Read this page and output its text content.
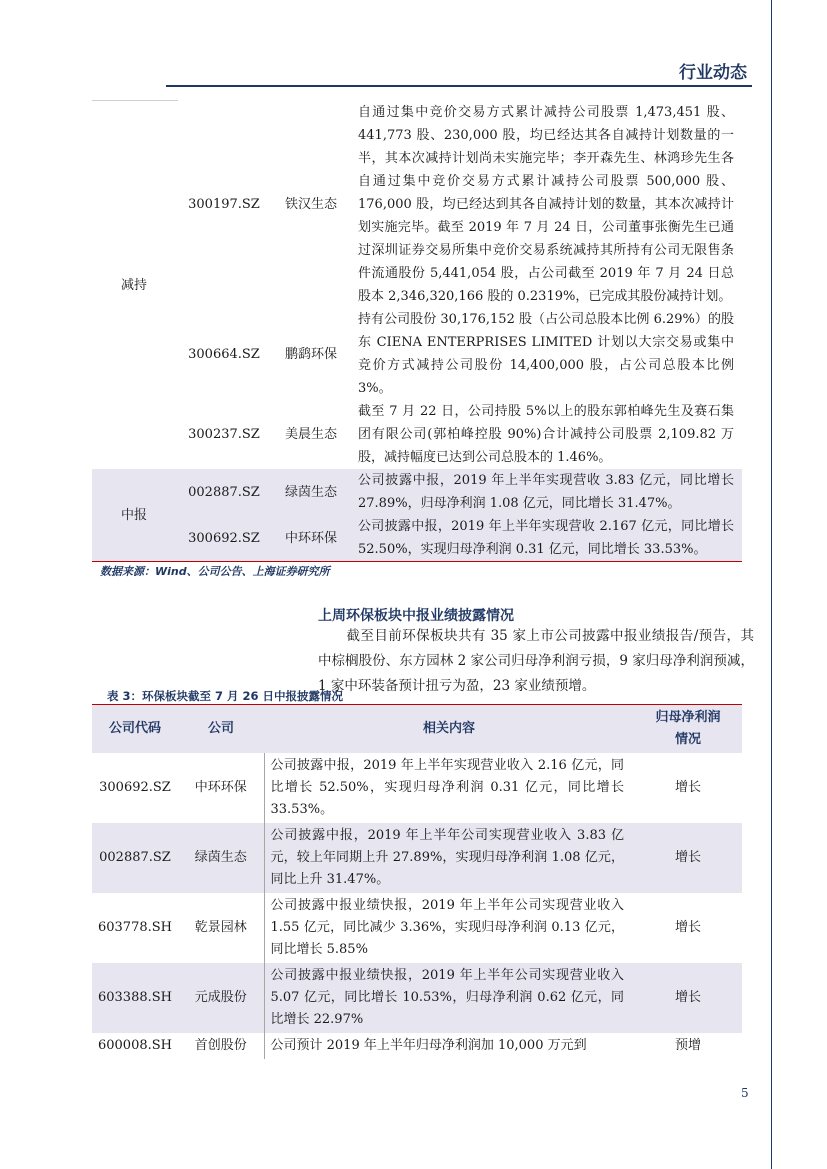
行业动态
减持	300197.SZ	铁汉生态	自通过集中竞价交易方式累计减持公司股票 1,473,451 股、441,773 股、230,000 股，均已经达其各自减持计划数量的一半，其本次减持计划尚未实施完毕；李开森先生、林鸿珍先生各自通过集中竞价交易方式累计减持公司股票 500,000 股、176,000 股，均已经达到其各自减持计划的数量，其本次减持计划实施完毕。截至 2019 年 7 月 24 日，公司董事张衡先生已通过深圳证券交易所集中竞价交易系统减持其所持有公司无限售条件流通股份 5,441,054 股，占公司截至 2019 年 7 月 24 日总股本 2,346,320,166 股的 0.2319%，已完成其股份减持计划。
	300664.SZ	鹏鹞环保	持有公司股份 30,176,152 股（占公司总股本比例 6.29%）的股东 CIENA ENTERPRISES LIMITED 计划以大宗交易或集中竞价方式减持公司股份 14,400,000 股，占公司总股本比例 3%。
	300237.SZ	美晨生态	截至 7 月 22 日，公司持股 5%以上的股东郭柏峰先生及赛石集团有限公司(郭柏峰控股 90%)合计减持公司股票 2,109.82 万股，减持幅度已达到公司总股本的 1.46%。
中报	002887.SZ	绿茵生态	公司披露中报，2019 年上半年实现营收 3.83 亿元，同比增长 27.89%，归母净利润 1.08 亿元，同比增长 31.47%。
	300692.SZ	中环环保	公司披露中报，2019 年上半年实现营收 2.167 亿元，同比增长 52.50%，实现归母净利润 0.31 亿元，同比增长 33.53%。
数据来源：Wind、公司公告、上海证券研究所
上周环保板块中报业绩披露情况
截至目前环保板块共有 35 家上市公司披露中报业绩报告/预告，其中棕榈股份、东方园林 2 家公司归母净利润亏损，9 家归母净利润预减，1 家中环装备预计扭亏为盈，23 家业绩预增。
表 3：环保板块截至 7 月 26 日中报披露情况
公司代码	公司	相关内容	归母净利润情况
300692.SZ	中环环保	公司披露中报，2019 年上半年实现营业收入 2.16 亿元，同比增长 52.50%，实现归母净利润 0.31 亿元，同比增长 33.53%。	增长
002887.SZ	绿茵生态	公司披露中报，2019 年上半年公司实现营业收入 3.83 亿元，较上年同期上升 27.89%，实现归母净利润 1.08 亿元，同比上升 31.47%。	增长
603778.SH	乾景园林	公司披露中报业绩快报，2019 年上半年公司实现营业收入 1.55 亿元，同比减少 3.36%，实现归母净利润 0.13 亿元，同比增长 5.85%	增长
603388.SH	元成股份	公司披露中报业绩快报，2019 年上半年公司实现营业收入 5.07 亿元，同比增长 10.53%，归母净利润 0.62 亿元，同比增长 22.97%	增长
600008.SH	首创股份	公司预计 2019 年上半年归母净利润加 10,000 万元到	预增
5
